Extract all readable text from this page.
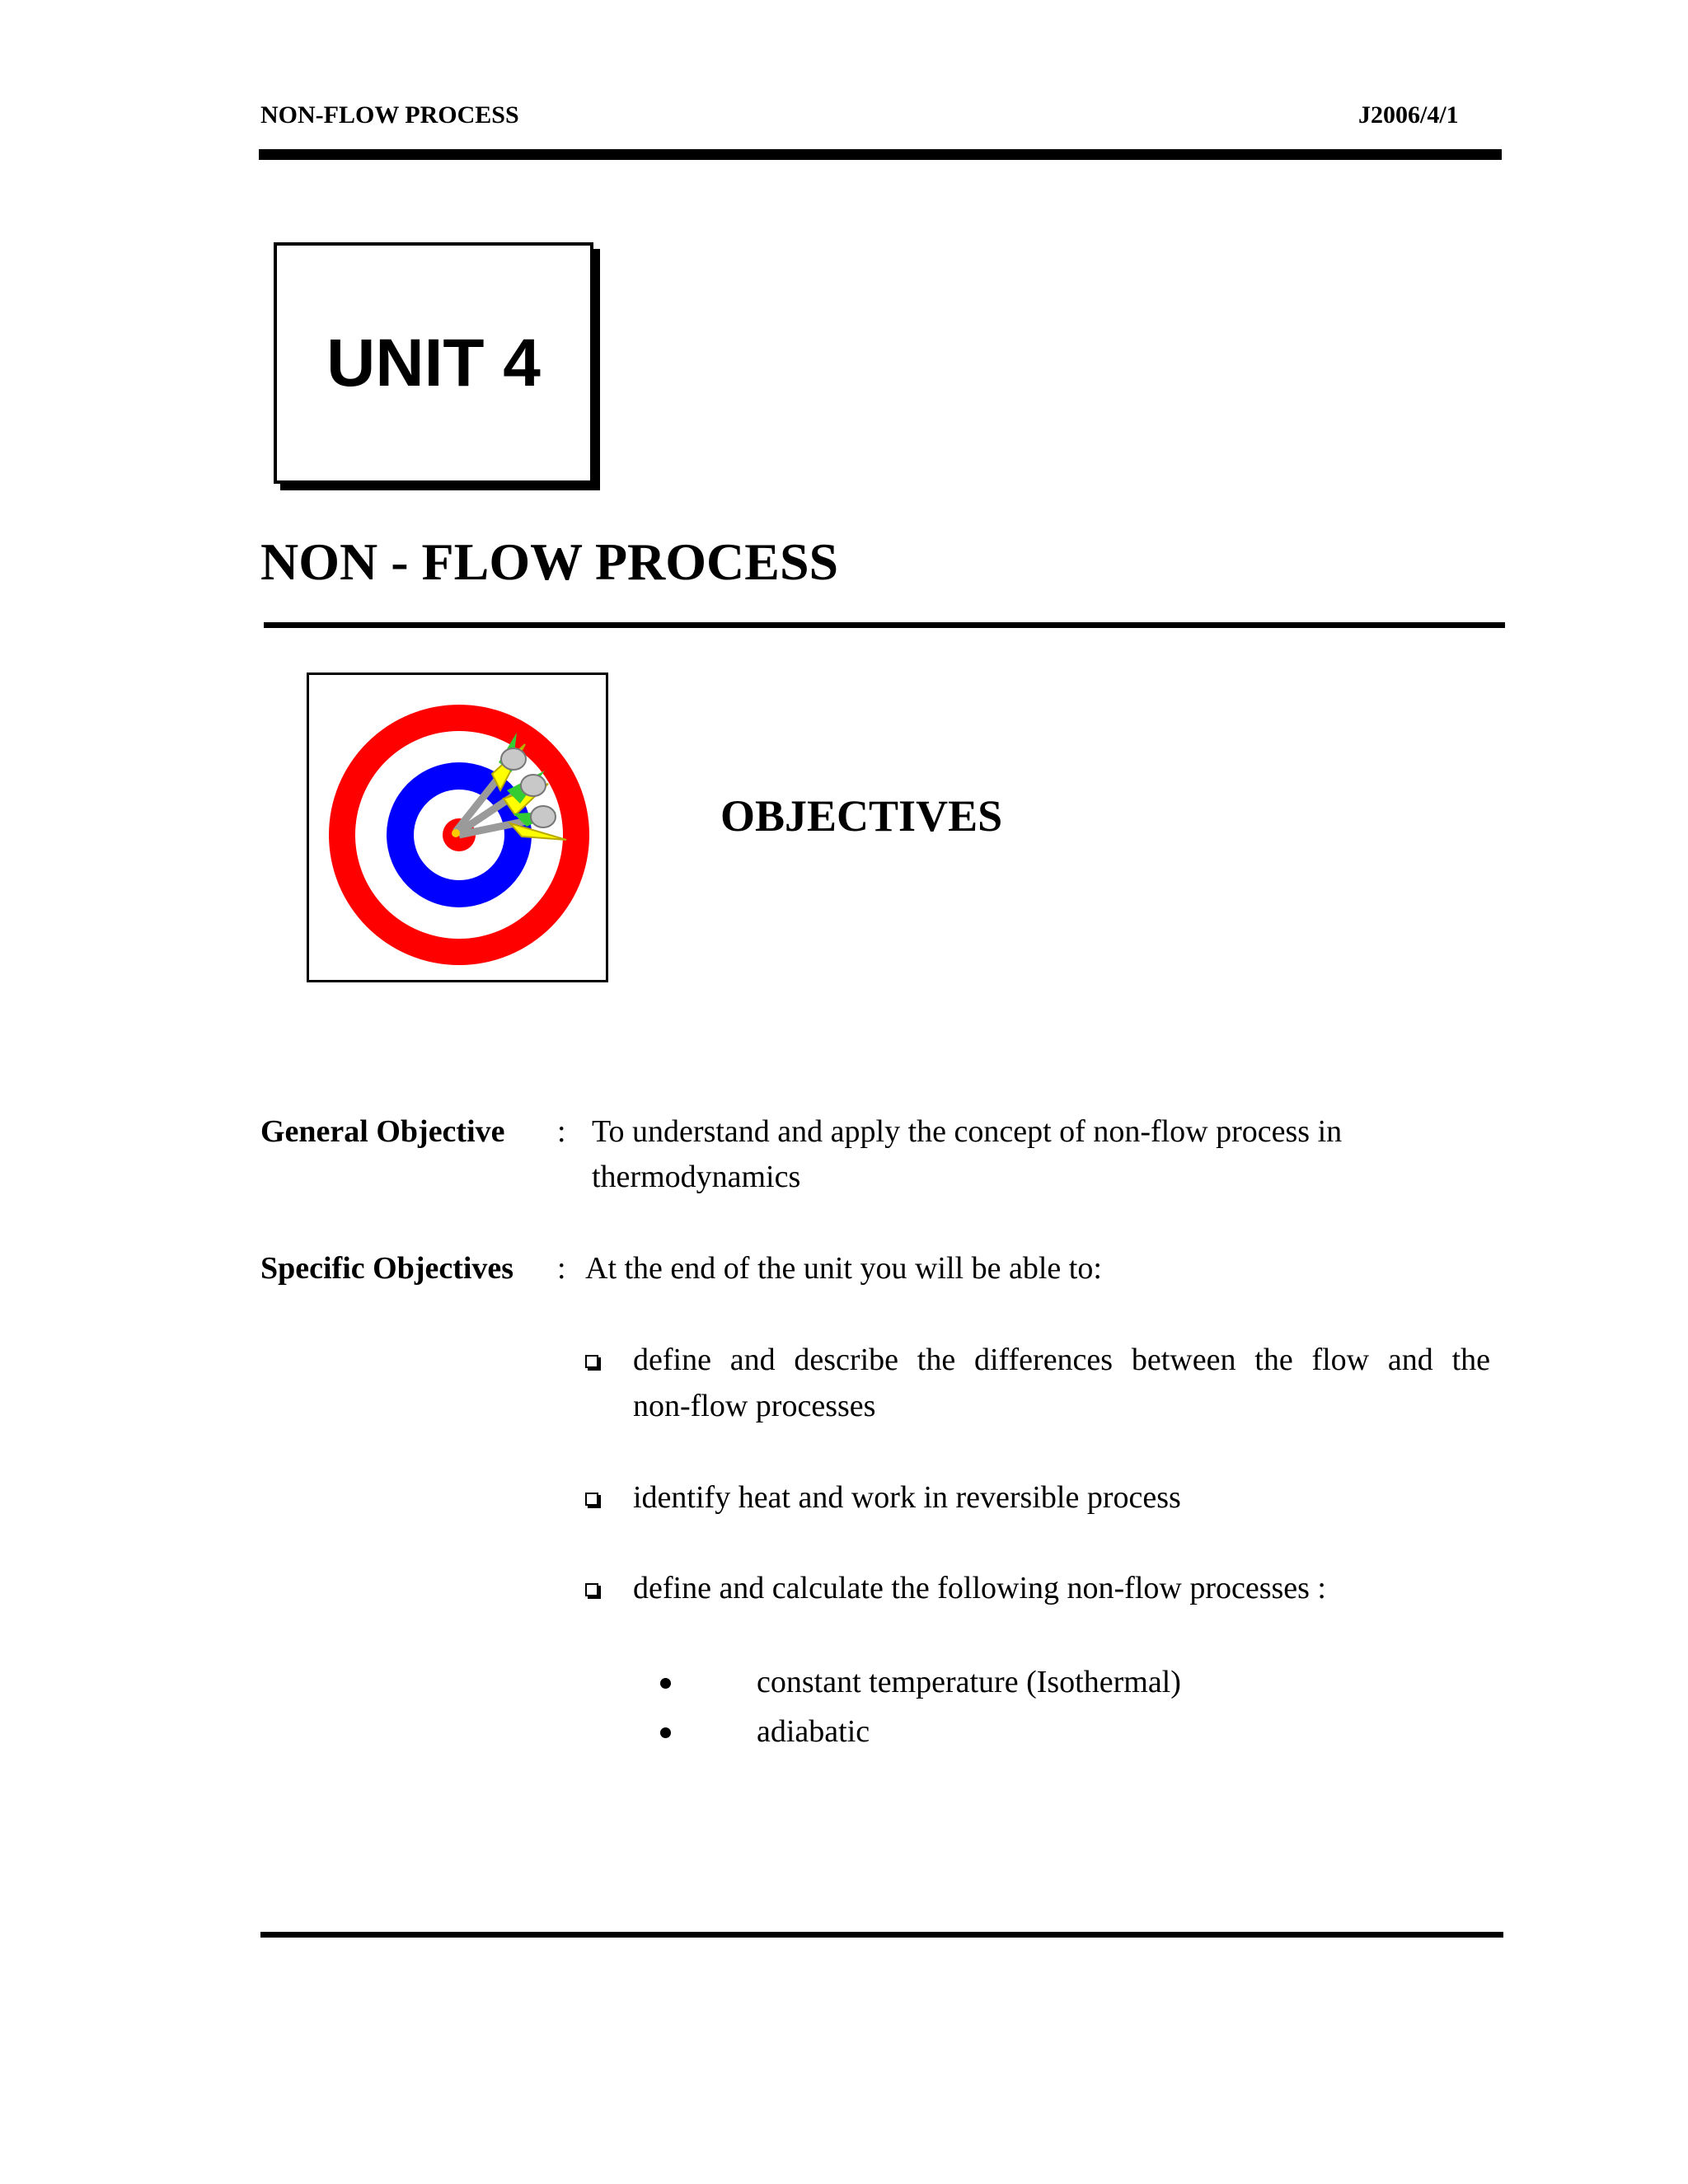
NON-FLOW PROCESS	J2006/4/1
UNIT 4
NON - FLOW PROCESS
OBJECTIVES
General Objective : To understand and apply the concept of non-flow process in
thermodynamics
Specific Objectives : At the end of the unit you will be able to:
define and describe the differences between the flow and the
non-flow processes
identify heat and work in reversible process
define and calculate the following non-flow processes :
constant temperature (Isothermal)
adiabatic
